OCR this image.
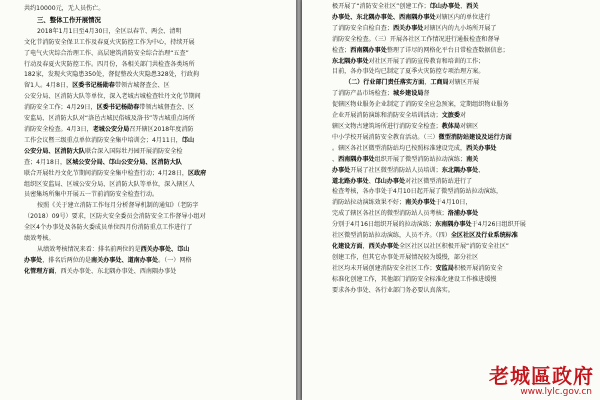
共约10000元，无人员伤亡。
三、整体工作开展情况
2018年1月1日至4月30日，全区以春节、两会、清明
文化节消防安全保卫工作及春夏火灾防控工作为中心，持续开展
了电气火灾综合治理工作、高层建筑消防安全综合治理“五查”
行动及春夏火灾防控工作。四月份，各相关部门共检查各类场所
182家，发现火灾隐患350处，督促整改火灾隐患328处，行政拘
留1人。4月8日，区委书记杨勋春带领古城督查会、区
公安分局、区消防大队等单位，深入老城古城检查牡丹文化节期间
消防安全工作；4月29日，区委书记杨勋春带领古城督查会、区
安监局、区消防大队对“洛邑古城民俗城及洛书”等古城重点场所
消防安全检查。4月3日，老城公安分局召开辖区2018年度消防
工作会议暨三级重点单位消防安全集中培训会；4月11日，邙山
公安分局、区消防大队联合深入国际牡丹园开展消防安全检
查；4月18日，区城公安分局、邙山公安分局、区消防大队
联合开展牡丹文化节期间消防安全集中检查行动；4月28日，区政府
组织区安监局、区城公安分局、区消防大队等单位，深入辖区人
员密集场所集中开展五一节前消防安全检查行动。
按照《关于建立消防工作每月分析督导机制的通知》（老防字
（2018）09号）要求，区防火安全委员会消防安全工作督导小组对
全区4个办事处及各防火委成员单位四月份消防重点工作进行了
绩效考核。
从绩效考核情况来看：排名前两位的是西关办事处、邙山
办事处，排名后两位的是南关办事处、道南办事处。（一）网格
化管理方面，西关办事处、东北隅办事处、西南隅办事处
极开展了“消防安全社区”创建工作；邙山办事处、西关
办事处、东北隅办事处、西南隅办事处对辖区内的单位进行
了消防安全自检自查；西关办事处对辖区内的九小场所开展了
消防安全检查。（三）开展各社区工作情况进行通报检查和督导
检查；西南隅办事处整理了详尽的网格化平台日常检查数据信息；
东北隅办事处对社区开展了消防宣传教育和培训的工作；
目前，各办事处均已制定了夏季火灾防控专项治理方案。
（二）行业部门责任落实方面，工商局对辖区开展
了消防产品市场检查；城乡建设局督
促辖区物业服务企业制定了消防安全应急预案，定期组织物业服务
企业开展消防演练和消防安全培训活动；文旅委对
辖区文物古建筑场所进行消防安全检查；教体局对辖区
中小学校开展消防安全教育活动。（三）微型消防站建设及运行方面
。辖区各社区微型消防站均已按照标准建设完成，西关办事处
、西南隅办事处组织开展了微型消防站拉动演练；南关
办事处开展了社区微型消防站人员培训；东北隅办事处、
道北路办事处、邙山办事处对社区微型消防站进行了
检查考核，各办事处于4月10日起开展了微型消防站拉动演练，
消防站拉动演练效果不好；南关办事处于4月10日，
完成了辖区各社区的微型消防站人员考核；洛浦办事处
分别于4月16日组织开展的拉动演练；东南隅办事处于4月26日组织开展
社区微型消防站拉动演练，人员不齐。（四）全区社区及行业系统标准
化建设方面，西关办事处全区社区以社区积极开展“消防安全社区”
创建工作，但其它办事处开展情况较为缓慢，部分社区
社区均未开展创建消防安全社区工作；安监局积极开展消防安全
标准化创建工作，其他部门消防安全标准化建设工作推进缓慢
要求各办事处、各行业部门务必要认真落实。
老城區政府
www.lylc.gov.cn
